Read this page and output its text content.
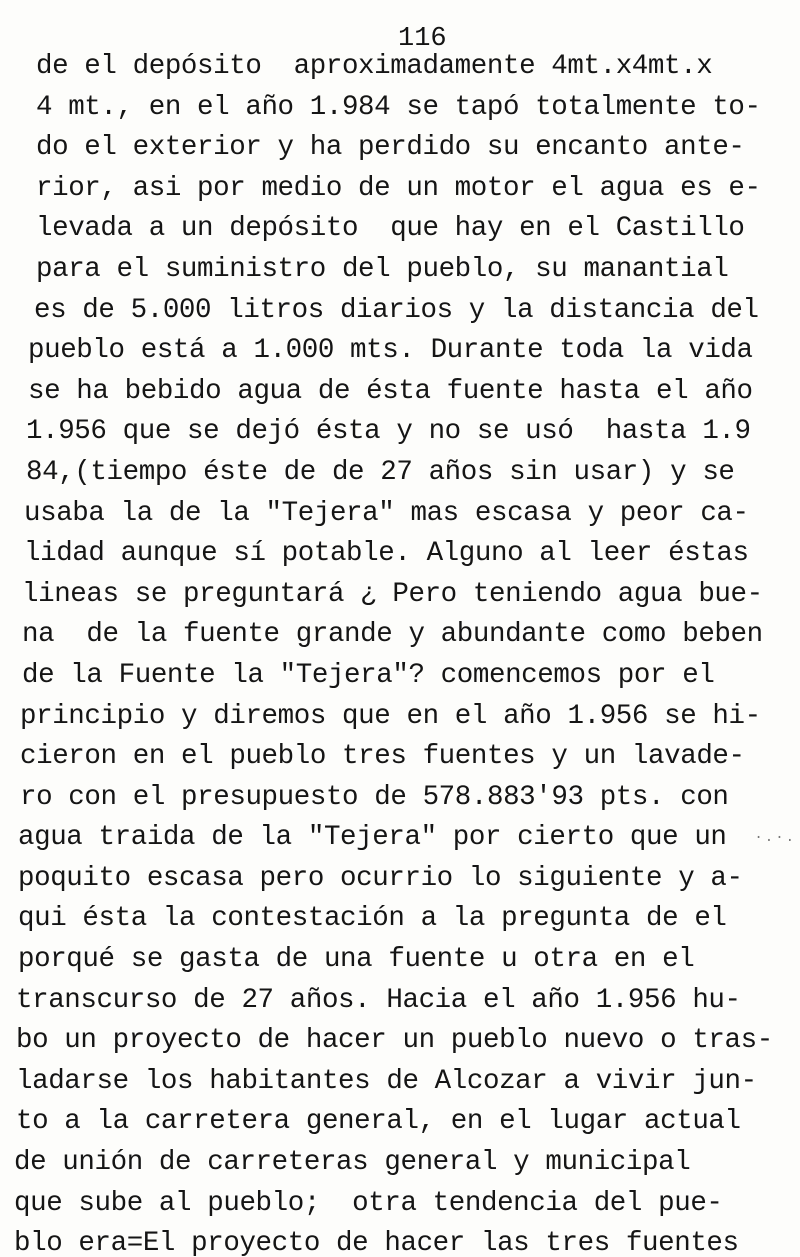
116
de el depósito  aproximadamente 4mt.x4mt.x
4 mt., en el año 1.984 se tapó totalmente to-
do el exterior y ha perdido su encanto ante-
rior, asi por medio de un motor el agua es e-
levada a un depósito  que hay en el Castillo
para el suministro del pueblo, su manantial
es de 5.000 litros diarios y la distancia del
pueblo está a 1.000 mts. Durante toda la vida
se ha bebido agua de ésta fuente hasta el año
1.956 que se dejó ésta y no se usó  hasta 1.9
84,(tiempo éste de de 27 años sin usar) y se
usaba la de la "Tejera" mas escasa y peor ca-
lidad aunque sí potable. Alguno al leer éstas
lineas se preguntará ¿ Pero teniendo agua bue-
na  de la fuente grande y abundante como beben
de la Fuente la "Tejera"? comencemos por el
principio y diremos que en el año 1.956 se hi-
cieron en el pueblo tres fuentes y un lavade-
ro con el presupuesto de 578.883'93 pts. con
agua traida de la "Tejera" por cierto que un
poquito escasa pero ocurrio lo siguiente y a-
qui ésta la contestación a la pregunta de el
porqué se gasta de una fuente u otra en el
transcurso de 27 años. Hacia el año 1.956 hu-
bo un proyecto de hacer un pueblo nuevo o tras-
ladarse los habitantes de Alcozar a vivir jun-
to a la carretera general, en el lugar actual
de unión de carreteras general y municipal
que sube al pueblo;  otra tendencia del pue-
blo era=El proyecto de hacer las tres fuentes
·.·.
